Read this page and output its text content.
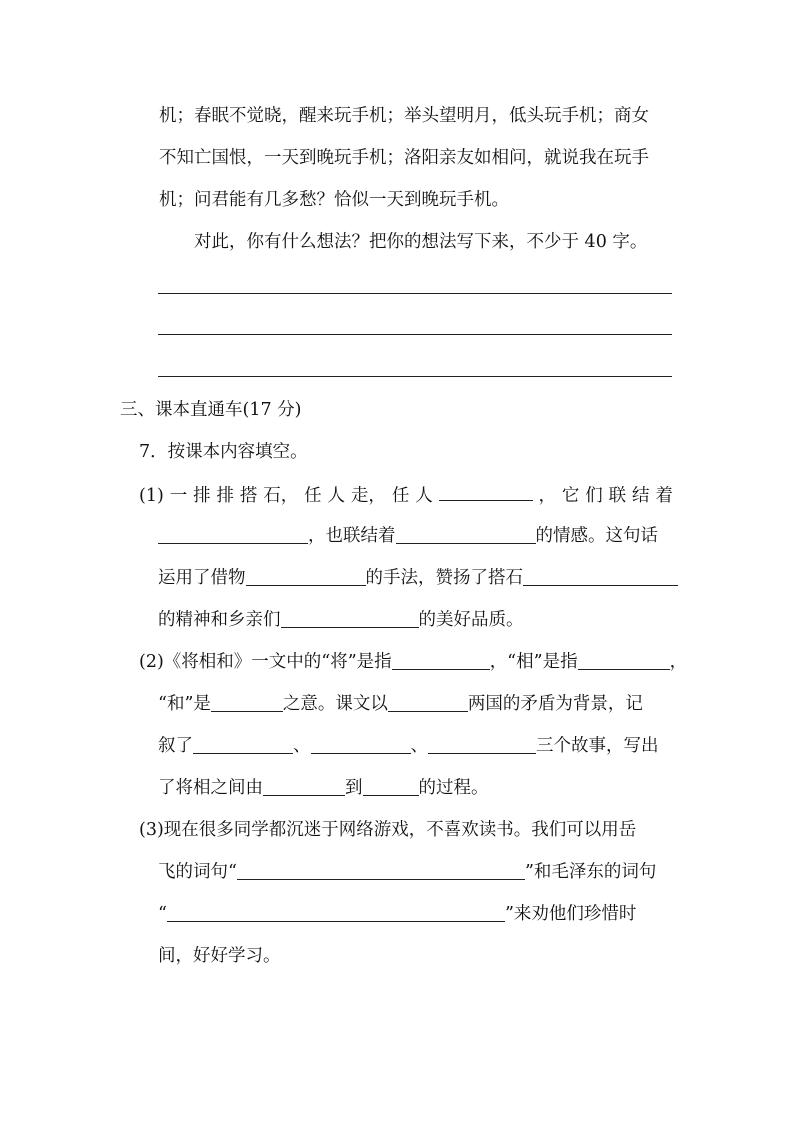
机；春眠不觉晓，醒来玩手机；举头望明月，低头玩手机；商女
不知亡国恨，一天到晚玩手机；洛阳亲友如相问，就说我在玩手
机；问君能有几多愁？恰似一天到晚玩手机。
对此，你有什么想法？把你的想法写下来，不少于 40 字。
三、课本直通车(17 分)
7．按课本内容填空。
(1) 一 排 排 搭 石， 任 人 走， 任 人	， 它 们 联 结 着
，也联结着	的情感。这句话
运用了借物	的手法，赞扬了搭石
的精神和乡亲们	的美好品质。
(2)《将相和》一文中的“将”是指	，“相”是指	，
“和”是	之意。课文以	两国的矛盾为背景，记
叙了	、	、	三个故事，写出
了将相之间由	到	的过程。
(3)现在很多同学都沉迷于网络游戏，不喜欢读书。我们可以用岳
飞的词句“	”和毛泽东的词句
“	”来劝他们珍惜时
间，好好学习。
